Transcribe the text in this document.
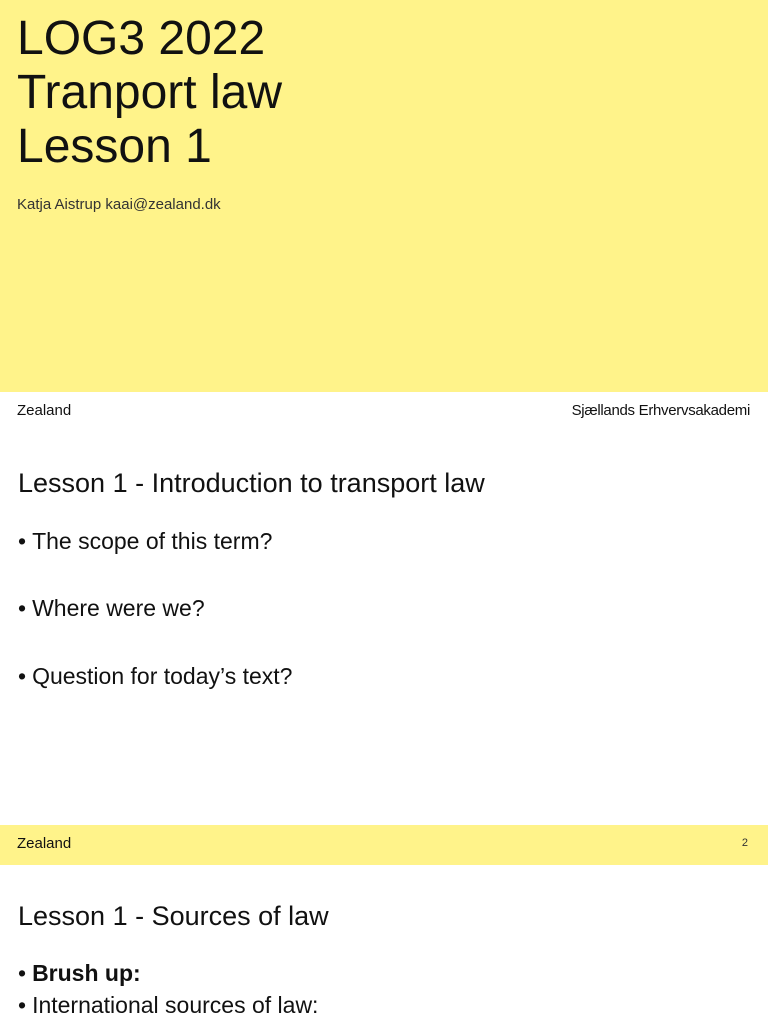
LOG3 2022
Tranport law
Lesson 1
Katja Aistrup kaai@zealand.dk
Zealand	Sjællands Erhvervsakademi
Lesson 1 - Introduction to transport law
• The scope of this term?
• Where were we?
• Question for today’s text?
Zealand	2
Lesson 1 - Sources of law
• Brush up:
• International sources of law:
